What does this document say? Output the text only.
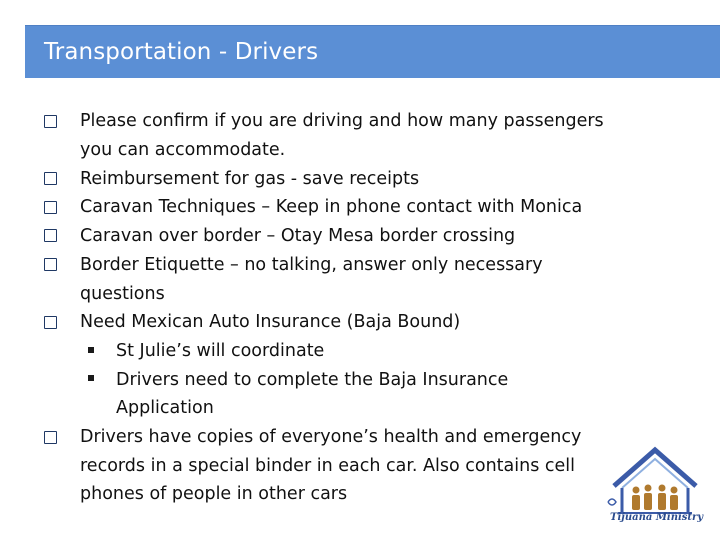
Transportation - Drivers
Please confirm if you are driving and how many passengers
you can accommodate.
Reimbursement for gas - save receipts
Caravan Techniques – Keep in phone contact with Monica
Caravan over border – Otay Mesa border crossing
Border Etiquette – no talking, answer only necessary
questions
Need Mexican Auto Insurance (Baja Bound)
St Julie’s will coordinate
Drivers need to complete the Baja Insurance
Application
Drivers have copies of everyone’s health and emergency
records in a special binder in each car. Also contains cell
phones of people in other cars
Tijuana Ministry
